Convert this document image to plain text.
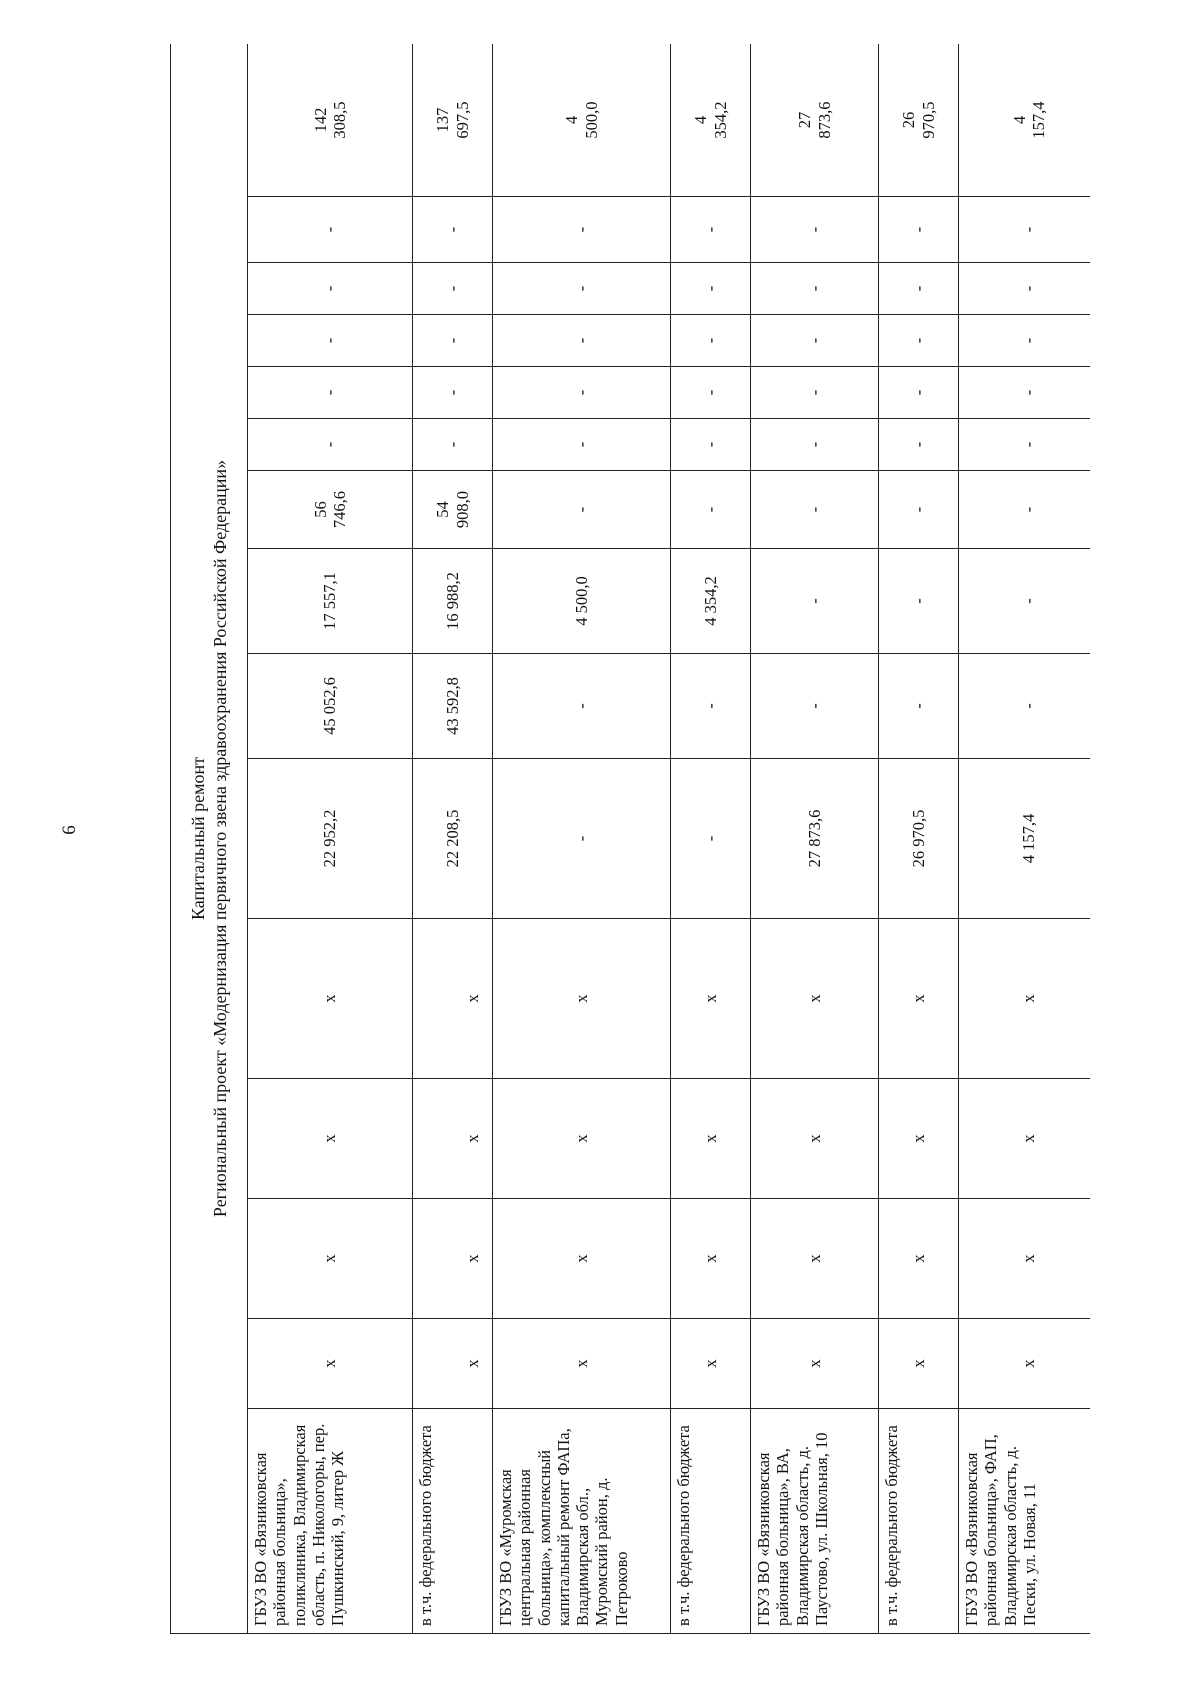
6	Капитальный ремонт Региональный проект «Модернизация первичного звена здравоохранения Российской Федерации»														

ГБУЗ ВО «Вязниковская районная больница», поликлиника, Владимирская область, п. Никологоры, пер. Пушкинский, 9, литер Ж	x	x	x	x	22 952,2	45 052,6	17 557,1	56 746,6	-	-	-	-	-	142 308,5

в т.ч. федерального бюджета	x	x	x	x	22 208,5	43 592,8	16 988,2	54 908,0	-	-	-	-	-	137 697,5

ГБУЗ ВО «Муромская центральная районная больница», комплексный капитальный ремонт ФАПа, Владимирская обл., Муромский район, д. Петроково	x	x	x	x	-	-	4 500,0	-	-	-	-	-	-	4 500,0

в т.ч. федерального бюджета	x	x	x	x	-	-	4 354,2	-	-	-	-	-	-	4 354,2

ГБУЗ ВО «Вязниковская районная больница», ВА, Владимирская область, д. Паустово, ул. Школьная, 10	x	x	x	x	27 873,6	-	-	-	-	-	-	-	-	27 873,6

в т.ч. федерального бюджета	x	x	x	x	26 970,5	-	-	-	-	-	-	-	-	26 970,5

ГБУЗ ВО «Вязниковская районная больница», ФАП, Владимирская область, д. Пески, ул. Новая, 11	x	x	x	x	4 157,4	-	-	-	-	-	-	-	-	4 157,4
